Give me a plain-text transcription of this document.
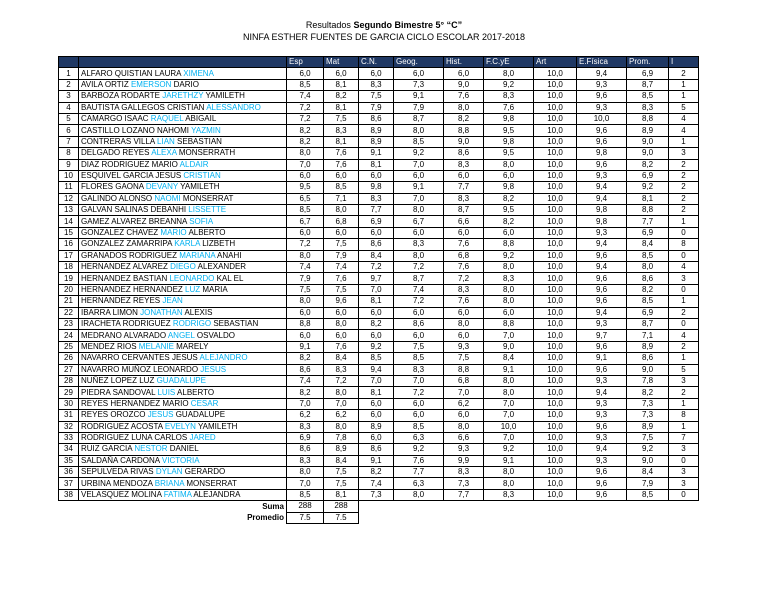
Resultados Segundo Bimestre 5° “C”
NINFA ESTHER FUENTES DE GARCIA CICLO ESCOLAR 2017-2018
		Esp	Mat	C.N.	Geog.	Hist.	F.C.yE	Art	E.Física	Prom.	I
1	ALFARO QUISTIAN LAURA XIMENA	6,0	6,0	6,0	6,0	6,0	8,0	10,0	9,4	6,9	2
2	AVILA ORTIZ EMERSON DARIO	8,5	8,1	8,3	7,3	9,0	9,2	10,0	9,3	8,7	1
3	BARBOZA RODARTE JARETHZY YAMILETH	7,4	8,2	7,5	9,1	7,6	8,3	10,0	9,6	8,5	1
4	BAUTISTA GALLEGOS CRISTIAN ALESSANDRO	7,2	8,1	7,9	7,9	8,0	7,6	10,0	9,3	8,3	5
5	CAMARGO ISAAC RAQUEL ABIGAIL	7,2	7,5	8,6	8,7	8,2	9,8	10,0	10,0	8,8	4
6	CASTILLO LOZANO NAHOMI YAZMIN	8,2	8,3	8,9	8,0	8,8	9,5	10,0	9,6	8,9	4
7	CONTRERAS VILLA LIAN SEBASTIAN	8,2	8,1	8,9	8,5	9,0	9,8	10,0	9,6	9,0	1
8	DELGADO REYES ALEXA MONSERRATH	8,0	7,6	9,1	9,2	8,6	9,5	10,0	9,8	9,0	3
9	DIAZ RODRIGUEZ MARIO ALDAIR	7,0	7,6	8,1	7,0	8,3	8,0	10,0	9,6	8,2	2
10	ESQUIVEL GARCIA JESUS CRISTIAN	6,0	6,0	6,0	6,0	6,0	6,0	10,0	9,3	6,9	2
11	FLORES GAONA DEVANY YAMILETH	9,5	8,5	9,8	9,1	7,7	9,8	10,0	9,4	9,2	2
12	GALINDO ALONSO NAOMI MONSERRAT	6,5	7,1	8,3	7,0	8,3	8,2	10,0	9,4	8,1	2
13	GALVAN SALINAS DEBANHI LISSETTE	8,5	8,0	7,7	8,0	8,7	9,5	10,0	9,8	8,8	2
14	GAMEZ ALVAREZ BREANNA SOFIA	6,7	6,8	6,9	6,7	6,6	8,2	10,0	9,8	7,7	1
15	GONZALEZ CHAVEZ MARIO ALBERTO	6,0	6,0	6,0	6,0	6,0	6,0	10,0	9,3	6,9	0
16	GONZALEZ ZAMARRIPA KARLA LIZBETH	7,2	7,5	8,6	8,3	7,6	8,8	10,0	9,4	8,4	8
17	GRANADOS RODRIGUEZ MARIANA ANAHI	8,0	7,9	8,4	8,0	6,8	9,2	10,0	9,6	8,5	0
18	HERNANDEZ ALVAREZ DIEGO ALEXANDER	7,4	7,4	7,2	7,2	7,6	8,0	10,0	9,4	8,0	4
19	HERNANDEZ BASTIAN LEONARDO KAL EL	7,9	7,6	9,7	8,7	7,2	8,3	10,0	9,6	8,6	3
20	HERNANDEZ HERNANDEZ LUZ MARIA	7,5	7,5	7,0	7,4	8,3	8,0	10,0	9,6	8,2	0
21	HERNANDEZ REYES JEAN	8,0	9,6	8,1	7,2	7,6	8,0	10,0	9,6	8,5	1
22	IBARRA LIMON JONATHAN ALEXIS	6,0	6,0	6,0	6,0	6,0	6,0	10,0	9,4	6,9	2
23	IRACHETA RODRIGUEZ RODRIGO SEBASTIAN	8,8	8,0	8,2	8,6	8,0	8,8	10,0	9,3	8,7	0
24	MEDRANO ALVARADO ANGEL OSVALDO	6,0	6,0	6,0	6,0	6,0	7,0	10,0	9,7	7,1	4
25	MENDEZ RIOS MELANIE MARELY	9,1	7,6	9,2	7,5	9,3	9,0	10,0	9,6	8,9	2
26	NAVARRO CERVANTES JESUS ALEJANDRO	8,2	8,4	8,5	8,5	7,5	8,4	10,0	9,1	8,6	1
27	NAVARRO MUÑOZ LEONARDO JESUS	8,6	8,3	9,4	8,3	8,8	9,1	10,0	9,6	9,0	5
28	NUÑEZ LOPEZ LUZ GUADALUPE	7,4	7,2	7,0	7,0	6,8	8,0	10,0	9,3	7,8	3
29	PIEDRA SANDOVAL LUIS ALBERTO	8,2	8,0	8,1	7,2	7,0	8,0	10,0	9,4	8,2	2
30	REYES HERNANDEZ MARIO CESAR	7,0	7,0	6,0	6,0	6,2	7,0	10,0	9,3	7,3	1
31	REYES OROZCO JESUS GUADALUPE	6,2	6,2	6,0	6,0	6,0	7,0	10,0	9,3	7,3	8
32	RODRIGUEZ ACOSTA EVELYN YAMILETH	8,3	8,0	8,9	8,5	8,0	10,0	10,0	9,6	8,9	1
33	RODRIGUEZ LUNA CARLOS JARED	6,9	7,8	6,0	6,3	6,6	7,0	10,0	9,3	7,5	7
34	RUIZ GARCIA NESTOR DANIEL	8,6	8,9	8,6	9,2	9,3	9,2	10,0	9,4	9,2	3
35	SALDAÑA CARDONA VICTORIA	8,3	8,4	9,1	7,6	9,9	9,1	10,0	9,3	9,0	0
36	SEPULVEDA RIVAS DYLAN GERARDO	8,0	7,5	8,2	7,7	8,3	8,0	10,0	9,6	8,4	3
37	URBINA MENDOZA BRIANA MONSERRAT	7,0	7,5	7,4	6,3	7,3	8,0	10,0	9,6	7,9	3
38	VELASQUEZ MOLINA FATIMA ALEJANDRA	8,5	8,1	7,3	8,0	7,7	8,3	10,0	9,6	8,5	0
	Suma	288	288								
	Promedio	7.5	7.5								
